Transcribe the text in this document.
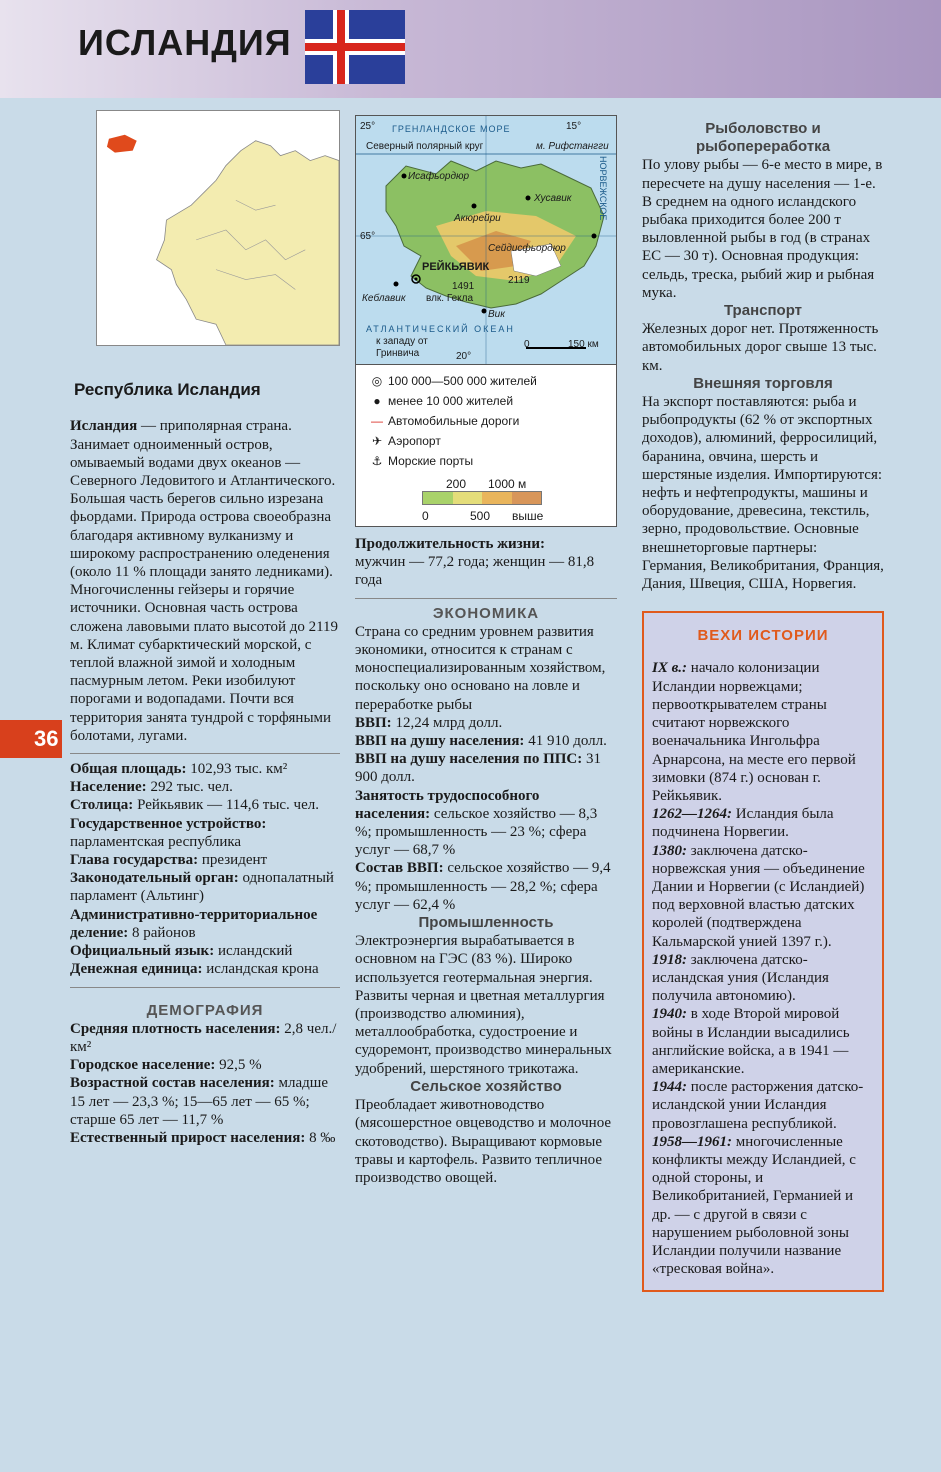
ИСЛАНДИЯ
36
Республика Исландия

Исландия — приполярная страна. Занимает одноименный остров, омываемый водами двух океанов — Северного Ледовитого и Атлантического. Большая часть берегов сильно изрезана фьордами. Природа острова своеобразна благодаря активному вулканизму и широкому распространению оледенения (около 11 % площади занято ледниками). Многочисленны гейзеры и горячие источники. Основная часть острова сложена лавовыми плато высотой до 2119 м. Климат субарктический морской, с теплой влажной зимой и холодным пасмурным летом. Реки изобилуют порогами и водопадами. Почти вся территория занята тундрой с торфяными болотами, лугами.

Общая площадь: 102,93 тыс. км²

Население: 292 тыс. чел.

Столица: Рейкьявик — 114,6 тыс. чел.

Государственное устройство: парламентская республика

Глава государства: президент

Законодательный орган: однопалатный парламент (Альтинг)

Административно-территориальное деление: 8 районов

Официальный язык: исландский

Денежная единица: исландская крона

ДЕМОГРАФИЯ

Средняя плотность населения: 2,8 чел./км²

Городское население: 92,5 %

Возрастной состав населения: младше 15 лет — 23,3 %; 15—65 лет — 65 %; старше 65 лет — 11,7 %

Естественный прирост населения: 8 ‰

25°	15°
ГРЕНЛАНДСКОЕ МОРЕ
Северный полярный круг	м. Рифстангги
НОРВЕЖСКОЕ
Исафьордюр
Хусавик
Акюрейри
65°
Сейдисфьордюр
РЕЙКЬЯВИК
1491
2119
Кеблавик влк. Гекла
Вик
АТЛАНТИЧЕСКИЙ ОКЕАН
к западу от Гринвича	20°
0	150 км
◎ 100 000—500 000 жителей
● менее 10 000 жителей
— Автомобильные дороги
✈ Аэропорт
⚓ Морские порты
200 1000 м
0	500 выше

Продолжительность жизни:

мужчин — 77,2 года; женщин — 81,8 года

ЭКОНОМИКА

Страна со средним уровнем развития экономики, относится к странам с моноспециализированным хозяйством, поскольку оно основано на ловле и переработке рыбы

ВВП: 12,24 млрд долл.

ВВП на душу населения: 41 910 долл.

ВВП на душу населения по ППС: 31 900 долл.

Занятость трудоспособного населения: сельское хозяйство — 8,3 %; промышленность — 23 %; сфера услуг — 68,7 %

Состав ВВП: сельское хозяйство — 9,4 %; промышленность — 28,2 %; сфера услуг — 62,4 %

Промышленность

Электроэнергия вырабатывается в основном на ГЭС (83 %). Широко используется геотермальная энергия. Развиты черная и цветная металлургия (производство алюминия), металлообработка, судостроение и судоремонт, производство минеральных удобрений, шерстяного трикотажа.

Сельское хозяйство

Преобладает животноводство (мясошерстное овцеводство и молочное скотоводство). Выращивают кормовые травы и картофель. Развито тепличное производство овощей.

Рыболовство и рыбопереработка

По улову рыбы — 6-е место в мире, в пересчете на душу населения — 1-е. В среднем на одного исландского рыбака приходится более 200 т выловленной рыбы в год (в странах ЕС — 30 т). Основная продукция: сельдь, треска, рыбий жир и рыбная мука.

Транспорт

Железных дорог нет. Протяженность автомобильных дорог свыше 13 тыс. км.

Внешняя торговля

На экспорт поставляются: рыба и рыбопродукты (62 % от экспортных доходов), алюминий, ферросилиций, баранина, овчина, шерсть и шерстяные изделия. Импортируются: нефть и нефтепродукты, машины и оборудование, древесина, текстиль, зерно, продовольствие. Основные внешнеторговые партнеры: Германия, Великобритания, Франция, Дания, Швеция, США, Норвегия.

ВЕХИ ИСТОРИИ

IX в.: начало колонизации Исландии норвежцами; первооткрывателем страны считают норвежского военачальника Ингольфра Арнарсона, на месте его первой зимовки (874 г.) основан г. Рейкьявик.

1262—1264: Исландия была подчинена Норвегии.

1380: заключена датско-норвежская уния — объединение Дании и Норвегии (с Исландией) под верховной властью датских королей (подтверждена Кальмарской унией 1397 г.).

1918: заключена датско-исландская уния (Исландия получила автономию).

1940: в ходе Второй мировой войны в Исландии высадились английские войска, а в 1941 — американские.

1944: после расторжения датско-исландской унии Исландия провозглашена республикой.

1958—1961: многочисленные конфликты между Исландией, с одной стороны, и Великобританией, Германией и др. — с другой в связи с нарушением рыболовной зоны Исландии получили название «тресковая война».
